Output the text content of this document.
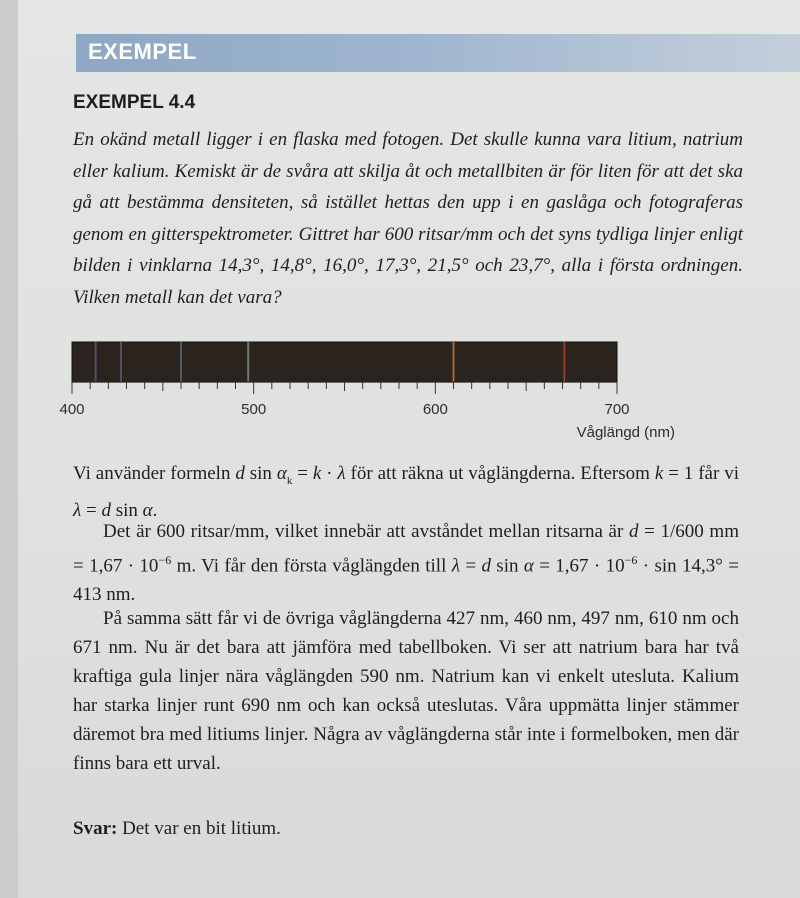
EXEMPEL
EXEMPEL 4.4

En okänd metall ligger i en flaska med fotogen. Det skulle kunna vara litium, natrium eller kalium. Kemiskt är de svåra att skilja åt och metallbiten är för liten för att det ska gå att bestämma densiteten, så istället hettas den upp i en gaslåga och fotograferas genom en gitterspektrometer. Gittret har 600 ritsar/mm och det syns tydliga linjer enligt bilden i vinklarna 14,3°, 14,8°, 16,0°, 17,3°, 21,5° och 23,7°, alla i första ordningen. Vilken metall kan det vara?

400	500	600	700
Våglängd (nm)

Vi använder formeln d $\sin \alpha_k = k \cdot \lambda$ för att räkna ut våglängderna. Eftersom k = 1 får vi λ = d sin α.

Det är 600 ritsar/mm, vilket innebär att avståndet mellan ritsarna är d = 1/600 mm = $1,67 \cdot 10^{-6}$ m. Vi får den första våglängden till λ = d $\sin \alpha = 1,67 \cdot 10^{-6} \cdot \sin 14,3^\circ = 413$ nm.

På samma sätt får vi de övriga våglängderna 427 nm, 460 nm, 497 nm, 610 nm och 671 nm. Nu är det bara att jämföra med tabellboken. Vi ser att natrium bara har två kraftiga gula linjer nära våglängden 590 nm. Natrium kan vi enkelt utesluta. Kalium har starka linjer runt 690 nm och kan också uteslutas. Våra uppmätta linjer stämmer däremot bra med litiums linjer. Några av våglängderna står inte i formelboken, men där finns bara ett urval.

Svar: Det var en bit litium.
